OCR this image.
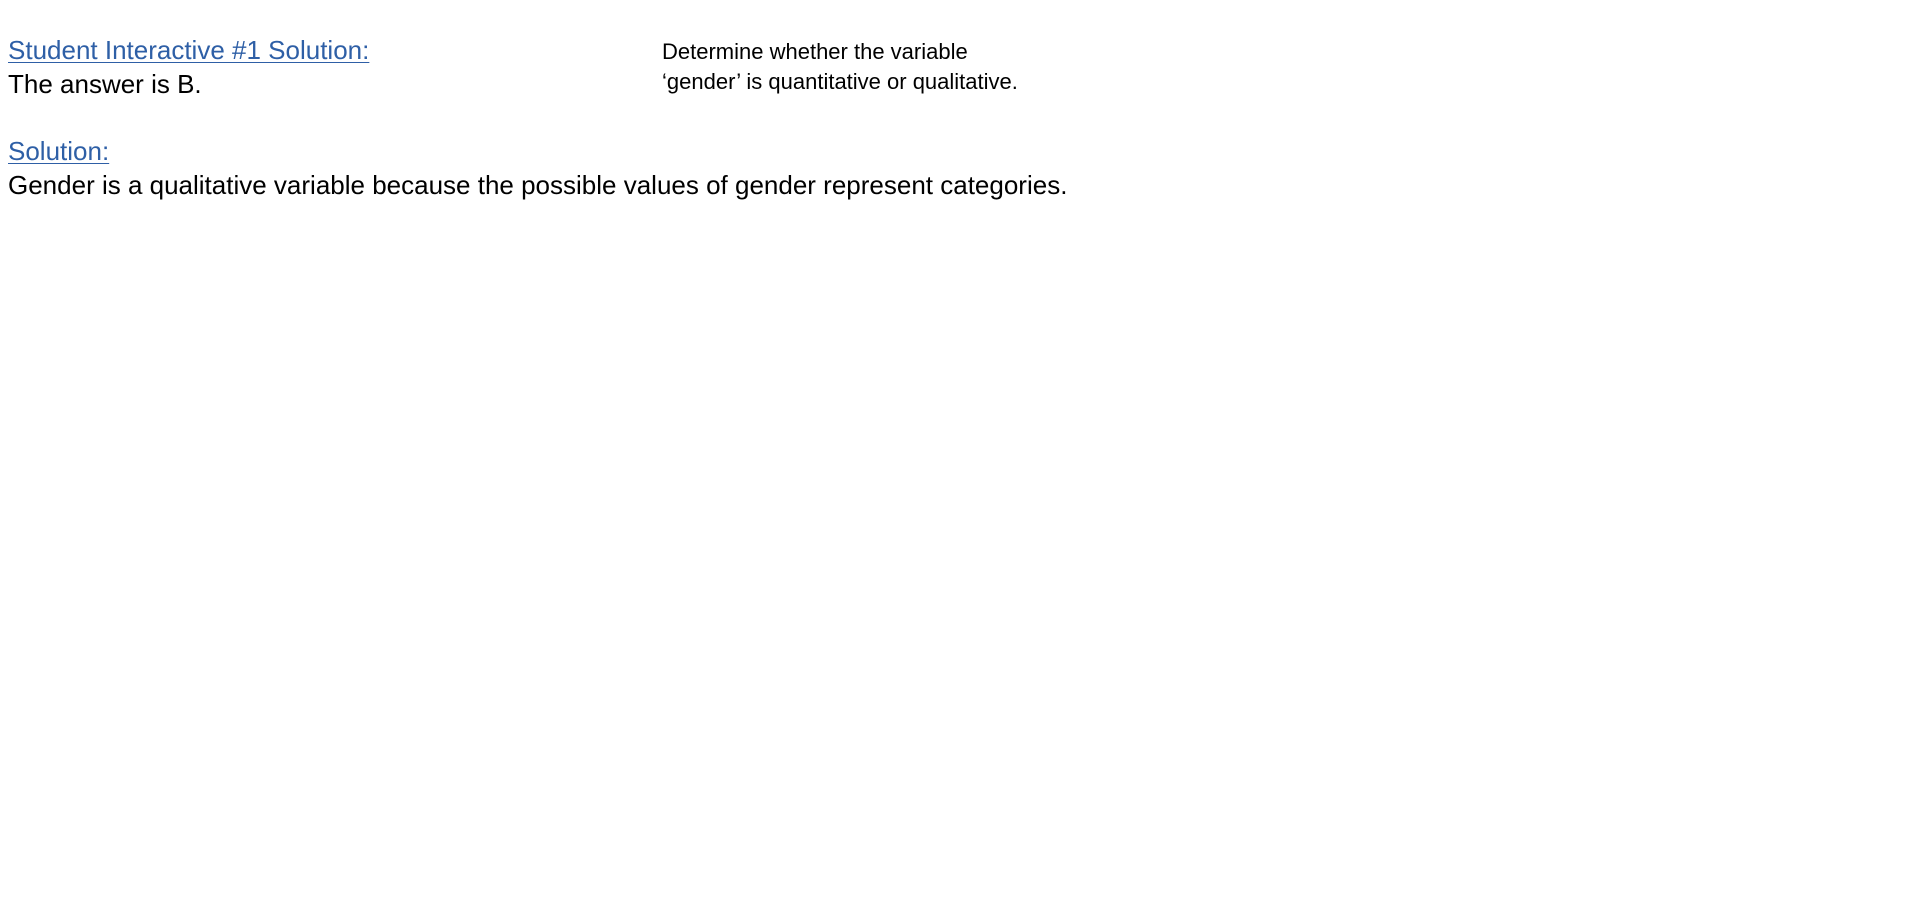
Student Interactive #1 Solution:

The answer is B.

Determine whether the variable
‘gender’ is quantitative or qualitative.
Solution:

Gender is a qualitative variable because the possible values of gender represent categories.
